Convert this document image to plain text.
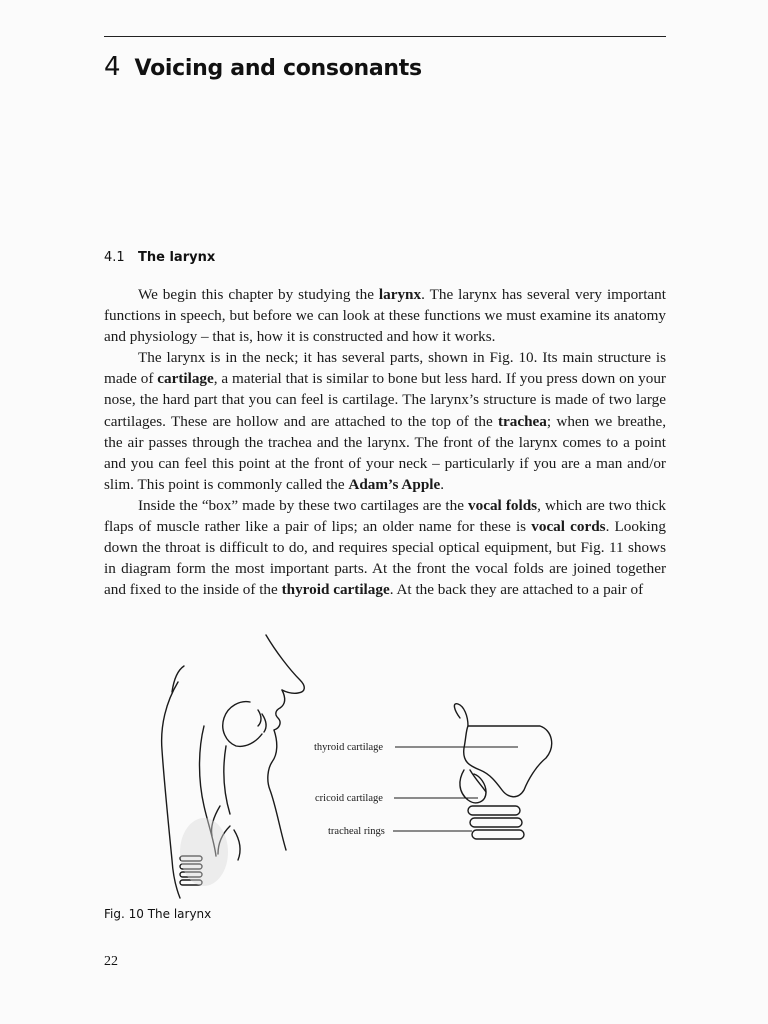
4 Voicing and consonants
4.1 The larynx

We begin this chapter by studying the larynx. The larynx has several very important functions in speech, but before we can look at these functions we must examine its anatomy and physiology – that is, how it is constructed and how it works.

The larynx is in the neck; it has several parts, shown in Fig. 10. Its main structure is made of cartilage, a material that is similar to bone but less hard. If you press down on your nose, the hard part that you can feel is cartilage. The larynx’s structure is made of two large cartilages. These are hollow and are attached to the top of the trachea; when we breathe, the air passes through the trachea and the larynx. The front of the larynx comes to a point and you can feel this point at the front of your neck – particularly if you are a man and/or slim. This point is commonly called the Adam’s Apple.

Inside the “box” made by these two cartilages are the vocal folds, which are two thick flaps of muscle rather like a pair of lips; an older name for these is vocal cords. Looking down the throat is difficult to do, and requires special optical equipment, but Fig. 11 shows in diagram form the most important parts. At the front the vocal folds are joined together and fixed to the inside of the thyroid cartilage. At the back they are attached to a pair of

thyroid cartilage
cricoid cartilage
tracheal rings
Fig. 10 The larynx
22
